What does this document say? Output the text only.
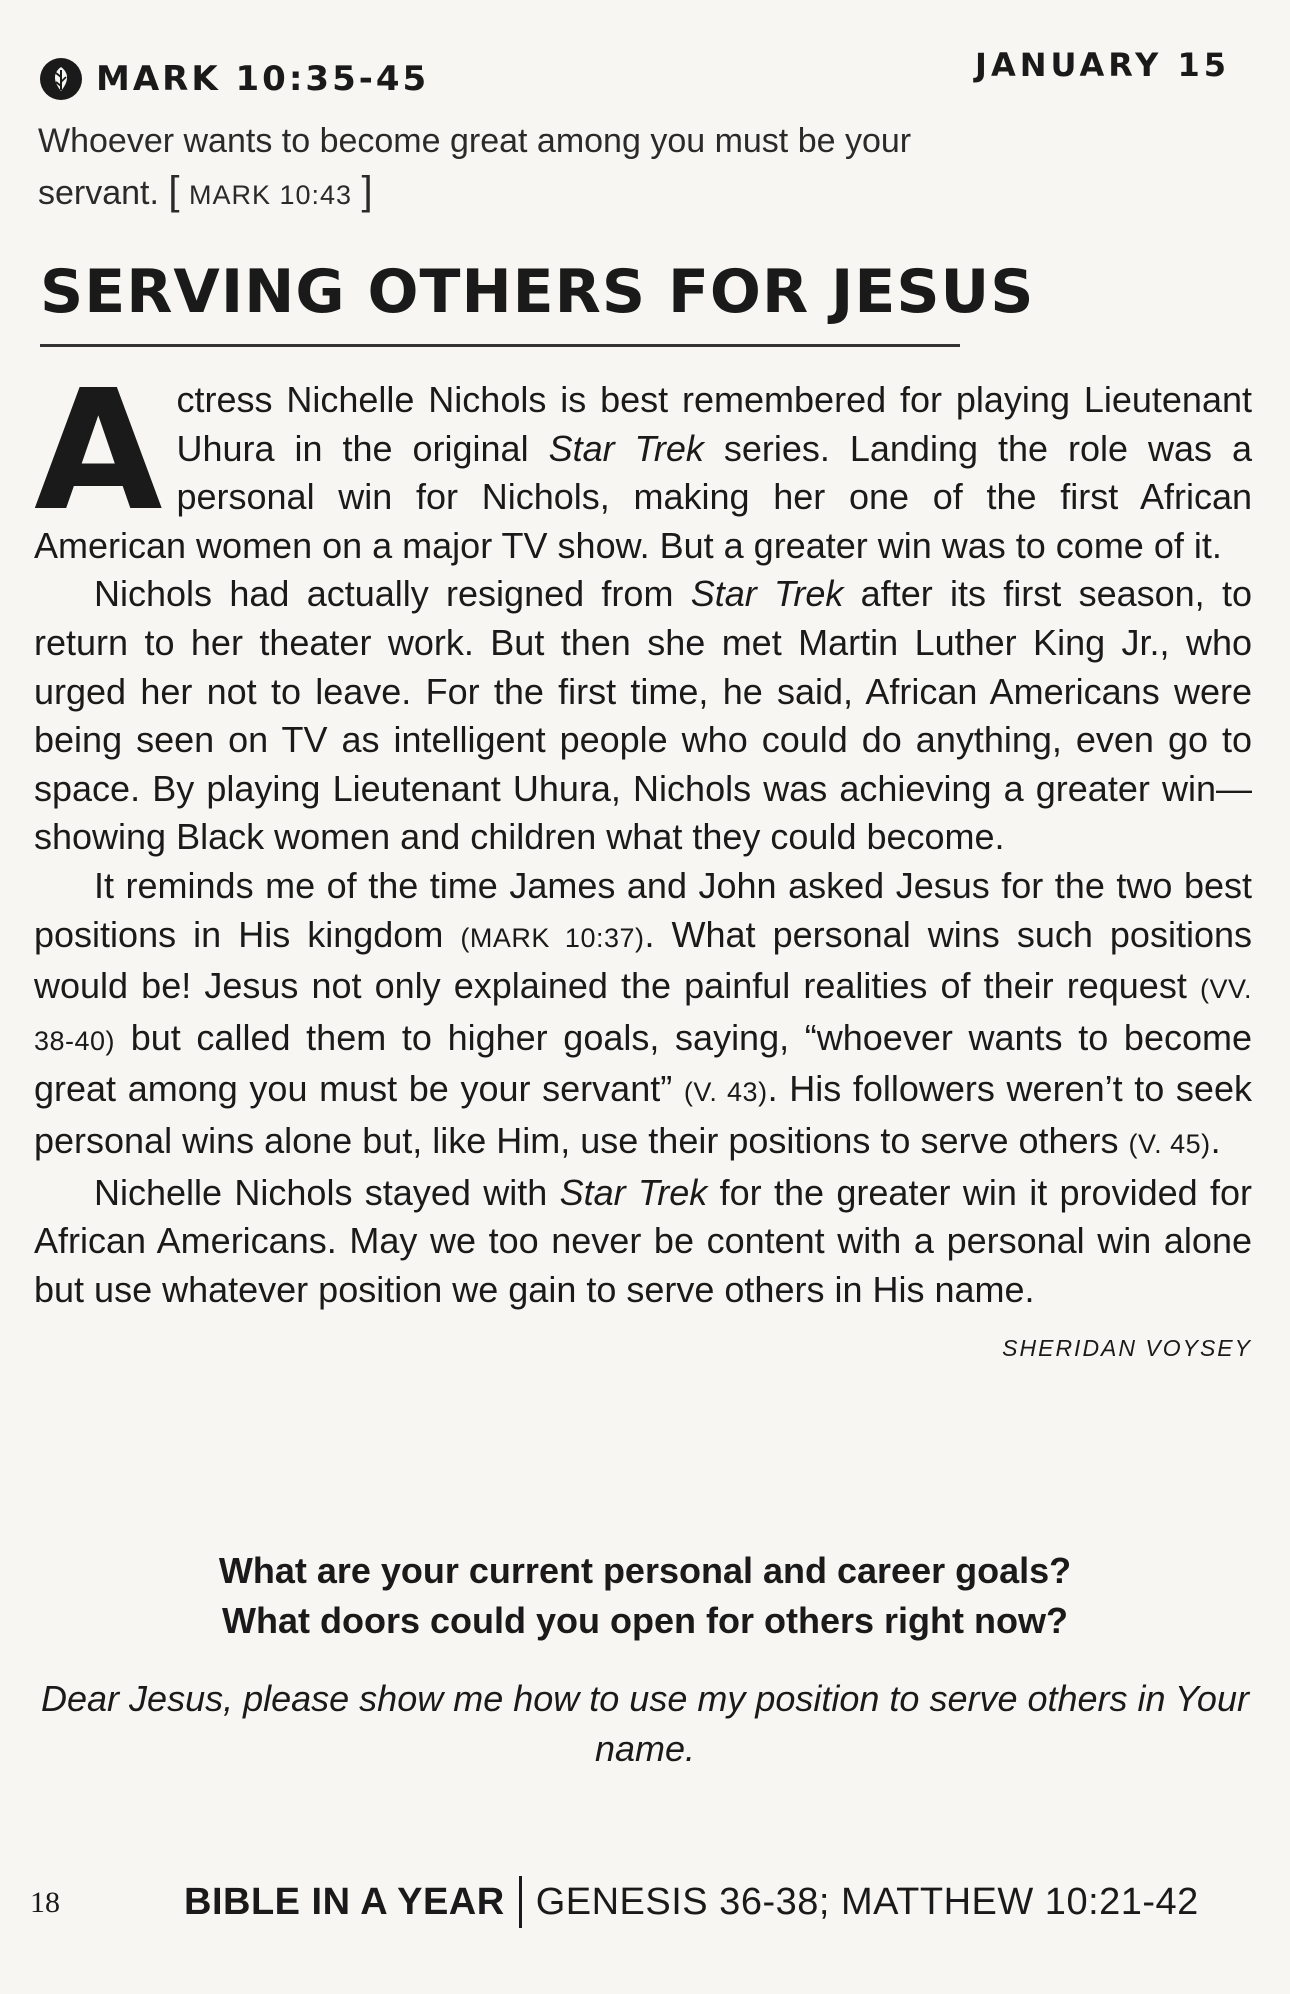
MARK 10:35-45	JANUARY 15
Whoever wants to become great among you must be your servant. [ MARK 10:43 ]
SERVING OTHERS FOR JESUS

Actress Nichelle Nichols is best remembered for playing Lieutenant Uhura in the original Star Trek series. Landing the role was a personal win for Nichols, making her one of the first African American women on a major TV show. But a greater win was to come of it.

Nichols had actually resigned from Star Trek after its first season, to return to her theater work. But then she met Martin Luther King Jr., who urged her not to leave. For the first time, he said, African Americans were being seen on TV as intelligent people who could do anything, even go to space. By playing Lieutenant Uhura, Nichols was achieving a greater win—showing Black women and children what they could become.

It reminds me of the time James and John asked Jesus for the two best positions in His kingdom (MARK 10:37). What personal wins such positions would be! Jesus not only explained the painful realities of their request (VV. 38-40) but called them to higher goals, saying, “whoever wants to become great among you must be your servant” (V. 43). His followers weren’t to seek personal wins alone but, like Him, use their positions to serve others (V. 45).

Nichelle Nichols stayed with Star Trek for the greater win it provided for African Americans. May we too never be content with a personal win alone but use whatever position we gain to serve others in His name.
SHERIDAN VOYSEY

What are your current personal and career goals?
What doors could you open for others right now?
Dear Jesus, please show me how to use my position to serve others in Your name.
18	BIBLE IN A YEAR GENESIS 36-38; MATTHEW 10:21-42
